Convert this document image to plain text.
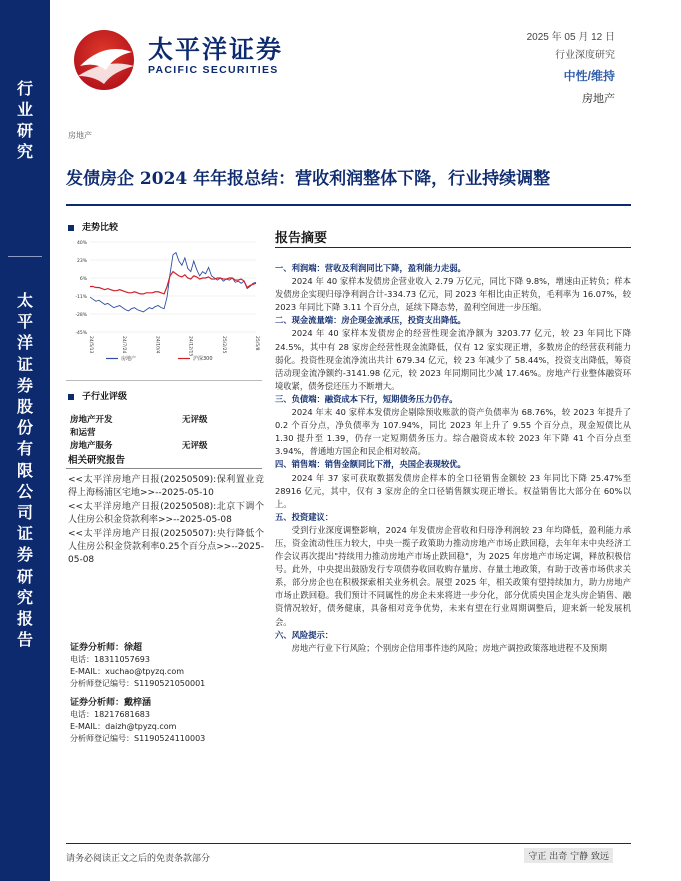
行
业
研
究
太
平
洋
证
券
股
份
有
限
公
司
证
券
研
究
报
告
太平洋证券
PACIFIC SECURITIES
2025 年 05 月 12 日
行业深度研究
中性/维持
房地产
房地产
发债房企 2024 年年报总结：营收利润整体下降，行业持续调整
走势比较
40%
23%
6%
-11%
-28%
-45%
24/5/13	24/7/24	24/10/4	24/12/15	25/2/25	25/5/8
房地产	沪深300
子行业评级
房地产开发	无评级
和运营
房地产服务	无评级
相关研究报告

<<太平洋房地产日报(20250509):保利置业竞得上海杨浦区宅地>>--2025-05-10

<<太平洋房地产日报(20250508):北京下调个人住房公积金贷款利率>>--2025-05-08

<<太平洋房地产日报(20250507):央行降低个人住房公积金贷款利率0.25个百分点>>--2025-05-08

证券分析师：徐超
电话：18311057693
E-MAIL：xuchao@tpyzq.com
分析师登记编号：S1190521050001
证券分析师：戴梓涵
电话：18217681683
E-MAIL：daizh@tpyzq.com
分析师登记编号：S1190524110003
报告摘要

一、利润端：营收及利润同比下降，盈利能力走弱。

2024 年 40 家样本发债房企营业收入 2.79 万亿元，同比下降 9.8%，增速由正转负；样本发债房企实现归母净利润合计-334.73 亿元，同 2023 年相比由正转负，毛利率为 16.07%，较 2023 年同比下降 3.11 个百分点，延续下降态势，盈利空间进一步压缩。

二、现金流量端：房企现金流承压，投资支出降低。

2024 年 40 家样本发债房企的经营性现金流净额为 3203.77 亿元，较 23 年同比下降 24.5%，其中有 28 家房企经营性现金流降低，仅有 12 家实现正增，多数房企的经营获利能力弱化。投资性现金流净流出共计 679.34 亿元，较 23 年减少了 58.44%，投资支出降低，筹资活动现金流净额约-3141.98 亿元，较 2023 年同期同比少减 17.46%。房地产行业整体融资环境收紧，债务偿还压力不断增大。

三、负债端：融资成本下行，短期债务压力仍存。

2024 年末 40 家样本发债房企剔除预收账款的资产负债率为 68.76%，较 2023 年提升了 0.2 个百分点，净负债率为 107.94%，同比 2023 年上升了 9.55 个百分点，现金短债比从 1.30 提升至 1.39，仍存一定短期债务压力。综合融资成本较 2023 年下降 41 个百分点至 3.94%，普通地方国企和民企相对较高。

四、销售端：销售金额同比下滑，央国企表现较优。

2024 年 37 家可获取数据发债房企样本的全口径销售金额较 23 年同比下降 25.47%至 28916 亿元，其中，仅有 3 家房企的全口径销售额实现正增长。权益销售比大部分在 60%以上。

五、投资建议：

受到行业深度调整影响，2024 年发债房企营收和归母净利润较 23 年均降低，盈利能力承压，资金流动性压力较大，中央一揽子政策助力推动房地产市场止跌回稳，去年年末中央经济工作会议再次提出"持续用力推动房地产市场止跌回稳"，为 2025 年房地产市场定调，释放积极信号。此外，中央提出鼓励发行专项债券收回收购存量房、存量土地政策，有助于改善市场供求关系，部分房企也在积极探索相关业务机会。展望 2025 年，相关政策有望持续加力，助力房地产市场止跌回稳。我们预计不同属性的房企未来将进一步分化，部分优质央国企龙头房企销售、融资情况较好，债务健康，具备相对竞争优势，未来有望在行业周期调整后，迎来新一轮发展机会。

六、风险提示：

房地产行业下行风险；个别房企信用事件违约风险；房地产调控政策落地进程不及预期

请务必阅读正文之后的免责条款部分	守正 出奇 宁静 致远
